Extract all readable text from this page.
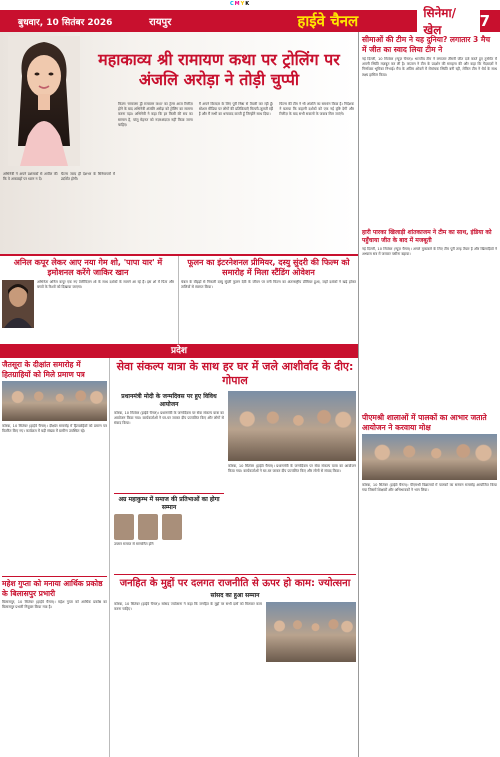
CMYK
बुधवार, 10 सितंबर 2026	रायपुर	हाईवे चैनल	सिनेमा/खेल	7
महाकाव्य श्री रामायण कथा पर ट्रोलिंग पर अंजलि अरोड़ा ने तोड़ी चुप्पी
फिल्म 'रामायण द्वी रामायण कथा' का ट्रेलर आज रिलीज़ होने के बाद अभिनेत्री अंजलि अरोड़ा को ट्रोलिंग का सामना करना पड़ा। अभिनेत्री ने कहा कि हर किसी की राय का सम्मान है, परंतु मेहनत को नज़रअंदाज़ नहीं किया जाना चाहिए।
मैं अपने किरदार के लिए पूरी निष्ठा से तैयारी कर रही हूँ। सोशल मीडिया पर लोगों की प्रतिक्रियाएँ मिलती-जुलती रही हैं और मैं सभी का धन्यवाद करती हूँ जिन्होंने साथ दिया।
फिल्म की टीम ने भी अंजलि का समर्थन किया है। निर्देशक ने बताया कि कहानी दर्शकों को एक नई दृष्टि देगी और रिलीज़ के बाद सभी सवालों के जवाब मिल जाएंगे।
अभिनेत्री ने अपने प्रशंसकों से अपील की कि वे अफवाहों पर ध्यान न दें।
फिल्म जल्द ही देशभर के सिनेमाघरों में प्रदर्शित होगी।
सीमाओं की टीम ने यह दुनिया? लगातार 3 मैच में जीत का स्वाद लिया टीम ने
नई दिल्ली, 10 सितंबर (न्यूज़ चैनल)। भारतीय टीम ने लगातार तीसरी जीत दर्ज करते हुए टूर्नामेंट में अपनी स्थिति मज़बूत कर ली है। कप्तान ने टीम के प्रदर्शन की सराहना की और कहा कि गेंदबाज़ों ने निर्णायक भूमिका निभाई। मैच के अंतिम ओवरों में रोमांचक स्थिति बनी रही, लेकिन टीम ने धैर्य के साथ लक्ष्य हासिल किया।
हारी पारका खिलाड़ी शांतकाजम ने टीम का साथ, इंडिया को पहुँचाया जीत के बाद में मजबूती
नई दिल्ली, 10 सितंबर (न्यूज़ चैनल)। अगले मुकाबले के लिए टीम पूरी तरह तैयार है और खिलाड़ियों ने अभ्यास सत्र में जमकर पसीना बहाया।
अनिल कपूर लेकर आए नया गेम शो, 'पापा यार' में इमोशनल करेंगे जाकिर खान
अभिनेता अनिल कपूर एक नए टेलीविज़न शो के साथ दर्शकों के सामने आ रहे हैं। इस शो में पिता और बच्चों के रिश्तों को दिखाया जाएगा।
फूलन का इंटरनेशनल प्रीमियर, दस्यु सुंदरी की फिल्म को समारोह में मिला स्टैंडिंग ओवेशन
चंबल के बीहड़ों से निकली दस्यु सुंदरी फूलन देवी के जीवन पर बनी फिल्म का अंतरराष्ट्रीय प्रीमियर हुआ, जहाँ दर्शकों ने खड़े होकर तालियों से स्वागत किया।
प्रदेश
जैतसूरा के दीक्षांत समारोह में हितग्राहियों को मिले प्रमाण पत्र
कोरबा, 10 सितंबर (हाईवे चैनल)। दीक्षांत समारोह में हितग्राहियों को प्रमाण पत्र वितरित किए गए। कार्यक्रम में बड़ी संख्या में ग्रामीण उपस्थित रहे।
महेश गुप्ता को मनाया आर्थिक प्रकोष्ठ के बिलासपुर प्रभारी
बिलासपुर, 10 सितंबर (हाईवे चैनल)। महेश गुप्ता को आर्थिक प्रकोष्ठ का बिलासपुर प्रभारी नियुक्त किया गया है।
सेवा संकल्प यात्रा के साथ हर घर में जले आशीर्वाद के दीए: गोपाल
प्रधानमंत्री मोदी के जन्मदिवस पर हुए विविध आयोजन
कोरबा, 10 सितंबर (हाईवे चैनल)। प्रधानमंत्री के जन्मदिवस पर सेवा संकल्प यात्रा का आयोजन किया गया। कार्यकर्ताओं ने घर-घर जाकर दीप प्रज्वलित किए और लोगों से संवाद किया।
अग्र महाकुम्भ में समाज की प्रतिभाओं का होगा सम्मान
उपसर समाज से सम्मानित होंगे
कोरबा, 10 सितंबर (हाईवे चैनल)। प्रधानमंत्री के जन्मदिवस पर सेवा संकल्प यात्रा का आयोजन किया गया। कार्यकर्ताओं ने घर-घर जाकर दीप प्रज्वलित किए और लोगों से संवाद किया।
जनहित के मुद्दों पर दलगत राजनीति से ऊपर हो काम: ज्योत्सना
सांसद का हुआ सम्मान
कोरबा, 10 सितंबर (हाईवे चैनल)। सांसद ज्योत्सना ने कहा कि जनहित के मुद्दों पर सभी दलों को मिलकर काम करना चाहिए।
पीएमश्री शालाओं में पालकों का आभार जताते आयोजन ने करवाया मोक्ष
कोरबा, 10 सितंबर (हाईवे चैनल)। पीएमश्री विद्यालयों में पालकों का सम्मान समारोह आयोजित किया गया जिसमें शिक्षकों और अभिभावकों ने भाग लिया।
